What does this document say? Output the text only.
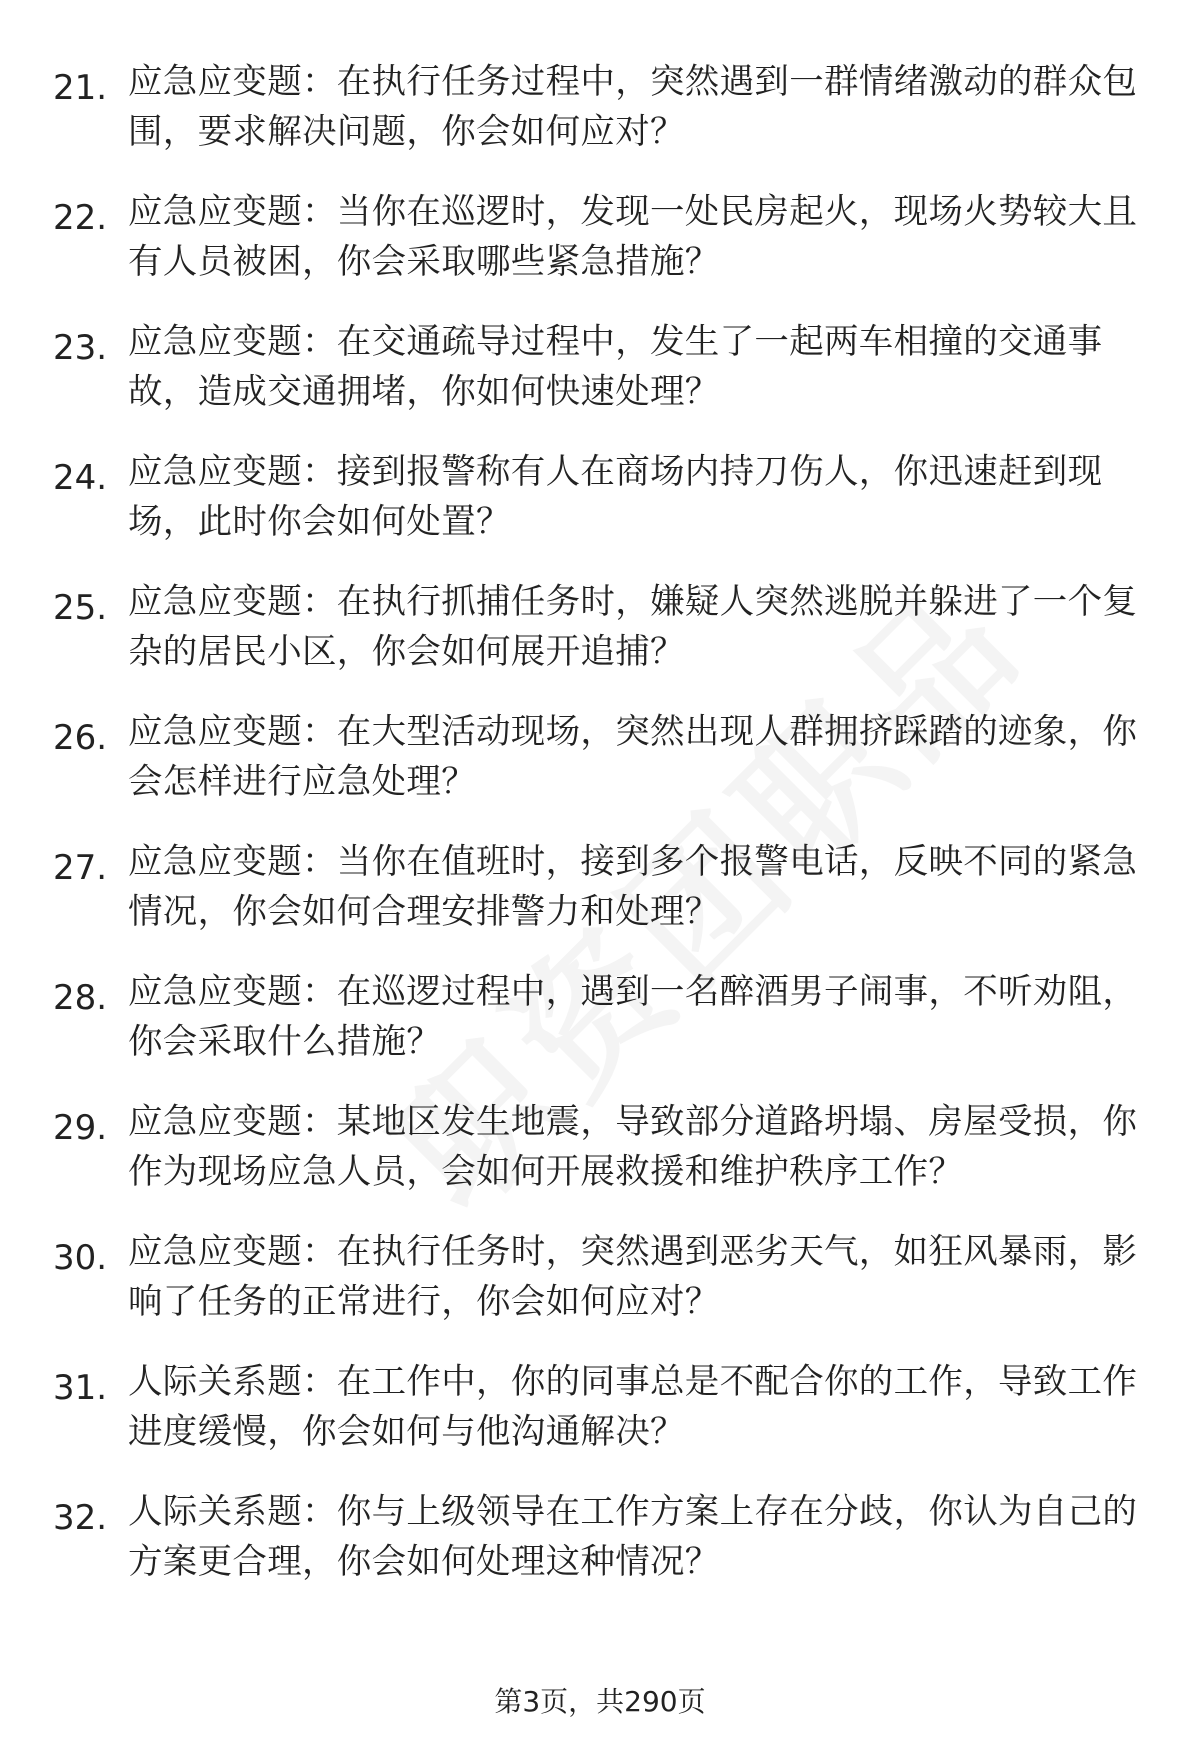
21. 应急应变题：在执行任务过程中，突然遇到一群情绪激动的群众包围，要求解决问题，你会如何应对？
22. 应急应变题：当你在巡逻时，发现一处民房起火，现场火势较大且有人员被困，你会采取哪些紧急措施？
23. 应急应变题：在交通疏导过程中，发生了一起两车相撞的交通事故，造成交通拥堵，你如何快速处理？
24. 应急应变题：接到报警称有人在商场内持刀伤人，你迅速赶到现场，此时你会如何处置？
25. 应急应变题：在执行抓捕任务时，嫌疑人突然逃脱并躲进了一个复杂的居民小区，你会如何展开追捕？
26. 应急应变题：在大型活动现场，突然出现人群拥挤踩踏的迹象，你会怎样进行应急处理？
27. 应急应变题：当你在值班时，接到多个报警电话，反映不同的紧急情况，你会如何合理安排警力和处理？
28. 应急应变题：在巡逻过程中，遇到一名醉酒男子闹事，不听劝阻，你会采取什么措施？
29. 应急应变题：某地区发生地震，导致部分道路坍塌、房屋受损，你作为现场应急人员，会如何开展救援和维护秩序工作？
30. 应急应变题：在执行任务时，突然遇到恶劣天气，如狂风暴雨，影响了任务的正常进行，你会如何应对？
31. 人际关系题：在工作中，你的同事总是不配合你的工作，导致工作进度缓慢，你会如何与他沟通解决？
32. 人际关系题：你与上级领导在工作方案上存在分歧，你认为自己的方案更合理，你会如何处理这种情况？
第3页，共290页
